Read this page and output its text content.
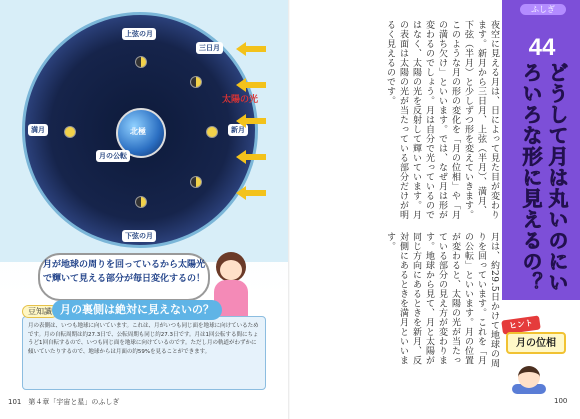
北極
上弦の月
下弦の月
満月	新月
三日月
月の公転
太陽の光
月が地球の周りを回っているから太陽光で輝いて見える部分が毎日変化するの！
豆知識 月の裏側は絶対に見えないの？
月の表側は、いつも地球に向いています。これは、月がいつも同じ面を地球に向けているためです。月の自転周期は約27.3日で、公転周期も同じ約27.3日です。月は1回公転する間にちょうど1回自転するので、いつも同じ面を地球に向けているのです。ただし月の軌道がわずかに傾いていたりするので、地球からは月面の約59%を見ることができます。
101　第４章「宇宙と星」のふしぎ
夜空に見える月は、日によって見た目が変わります。新月から三日月、上弦（半月）、満月、下弦（半月）と少しずつ形を変えていきます。このような月の形の変化を「月の位相」や「月の満ち欠け」といいます。では、なぜ月は形が変わるのでしょう。月は自分で光っているのではなく、太陽の光を反射して輝いています。月の表面は太陽の光が当たっている部分だけが明るく見えるのです。
月は、約29.5日かけて地球の周りを回っています。これを「月の公転」といいます。月の位置が変わると、太陽の光が当たっている部分の見え方が変わります。地球から見て、月と太陽が同じ方向にあるときを新月、反対側にあるときを満月といいます。
ふしぎ
44
どうして月は丸いのにいろいろな形に見えるの？
ヒント
月の位相
100
